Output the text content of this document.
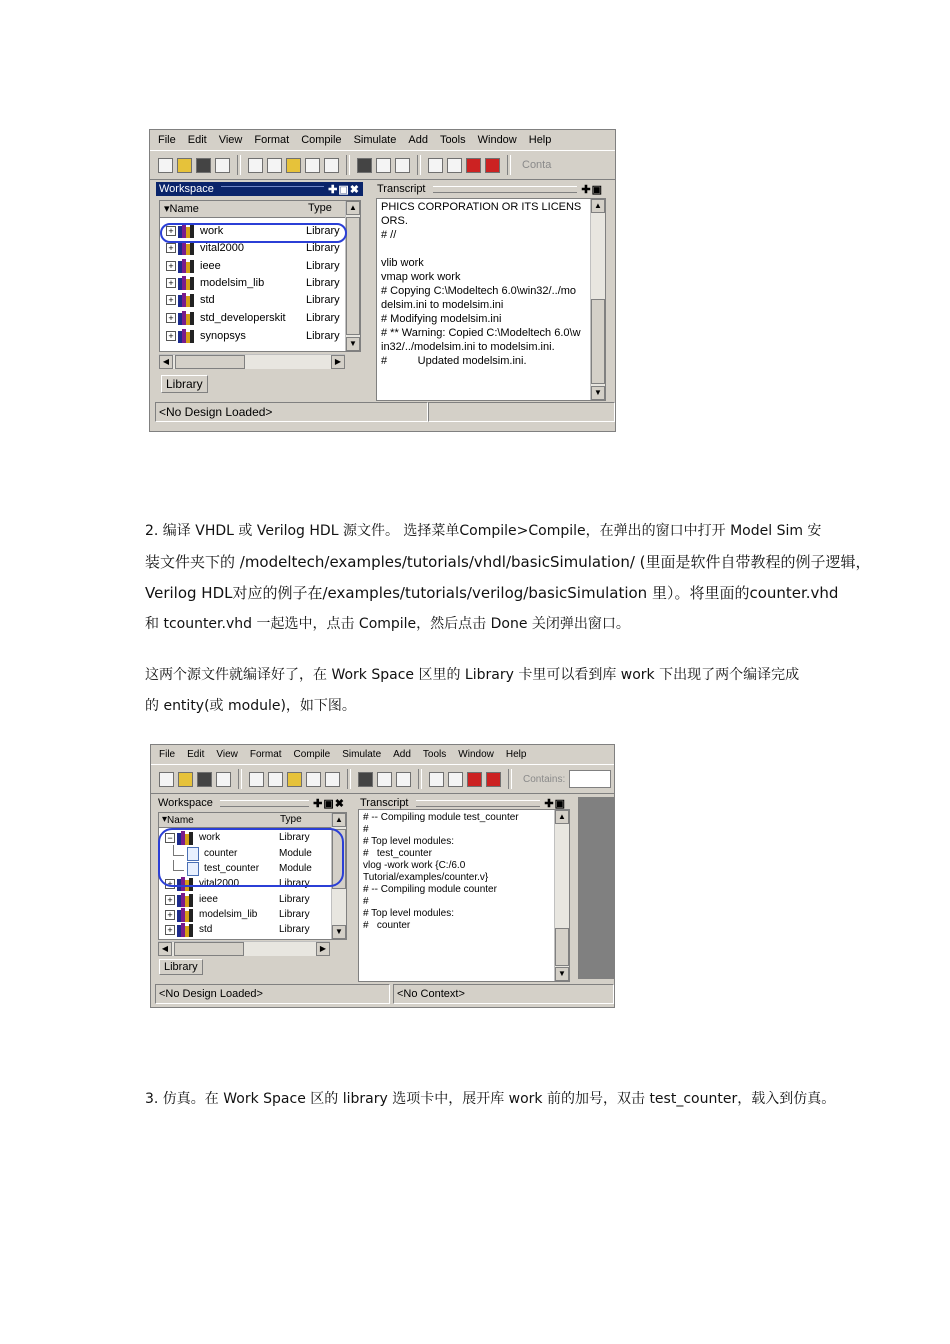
File Edit View Format Compile Simulate Add Tools Window Help
Conta
Workspace	✚▣✖
▾ Name	Type
+ work	Library
+ vital2000	Library
+ ieee	Library
+ modelsim_lib	Library
+ std	Library
+ std_developerskit Library
+ synopsys	Library
▲
▼
◀	▶
Library
Transcript	✚▣
PHICS CORPORATION OR ITS LICENS
ORS.
# //
vlib work
vmap work work
# Copying C:\Modeltech 6.0\win32/../mo
delsim.ini to modelsim.ini
# Modifying modelsim.ini
# ** Warning: Copied C:\Modeltech 6.0\w
in32/../modelsim.ini to modelsim.ini.
#          Updated modelsim.ini.
▲
▼
<No Design Loaded>
2. 编译 VHDL 或 Verilog HDL 源文件。 选择菜单Compile>Compile，在弹出的窗口中打开 Model Sim 安
装文件夹下的 /modeltech/examples/tutorials/vhdl/basicSimulation/ (里面是软件自带教程的例子逻辑，
Verilog HDL对应的例子在/examples/tutorials/verilog/basicSimulation 里）。将里面的counter.vhd
和 tcounter.vhd 一起选中，点击 Compile，然后点击 Done 关闭弹出窗口。
这两个源文件就编译好了，在 Work Space 区里的 Library 卡里可以看到库 work 下出现了两个编译完成
的 entity(或 module)，如下图。
File Edit View Format Compile Simulate Add Tools Window Help
Contains:
Workspace	✚▣✖
▾ Name	Type
−	work	Library
counter	Module
test_counter Module
+	vital2000	Library
+	ieee	Library
+	modelsim_lib Library
+	std	Library
▲
▼
◀	▶
Library
Transcript	✚▣
# -- Compiling module test_counter
#
# Top level modules:
#   test_counter
vlog -work work {C:/6.0
Tutorial/examples/counter.v}
# -- Compiling module counter
#
# Top level modules:
#   counter
▲
▼
<No Design Loaded>	<No Context>
3. 仿真。在 Work Space 区的 library 选项卡中，展开库 work 前的加号，双击 test_counter，载入到仿真。
